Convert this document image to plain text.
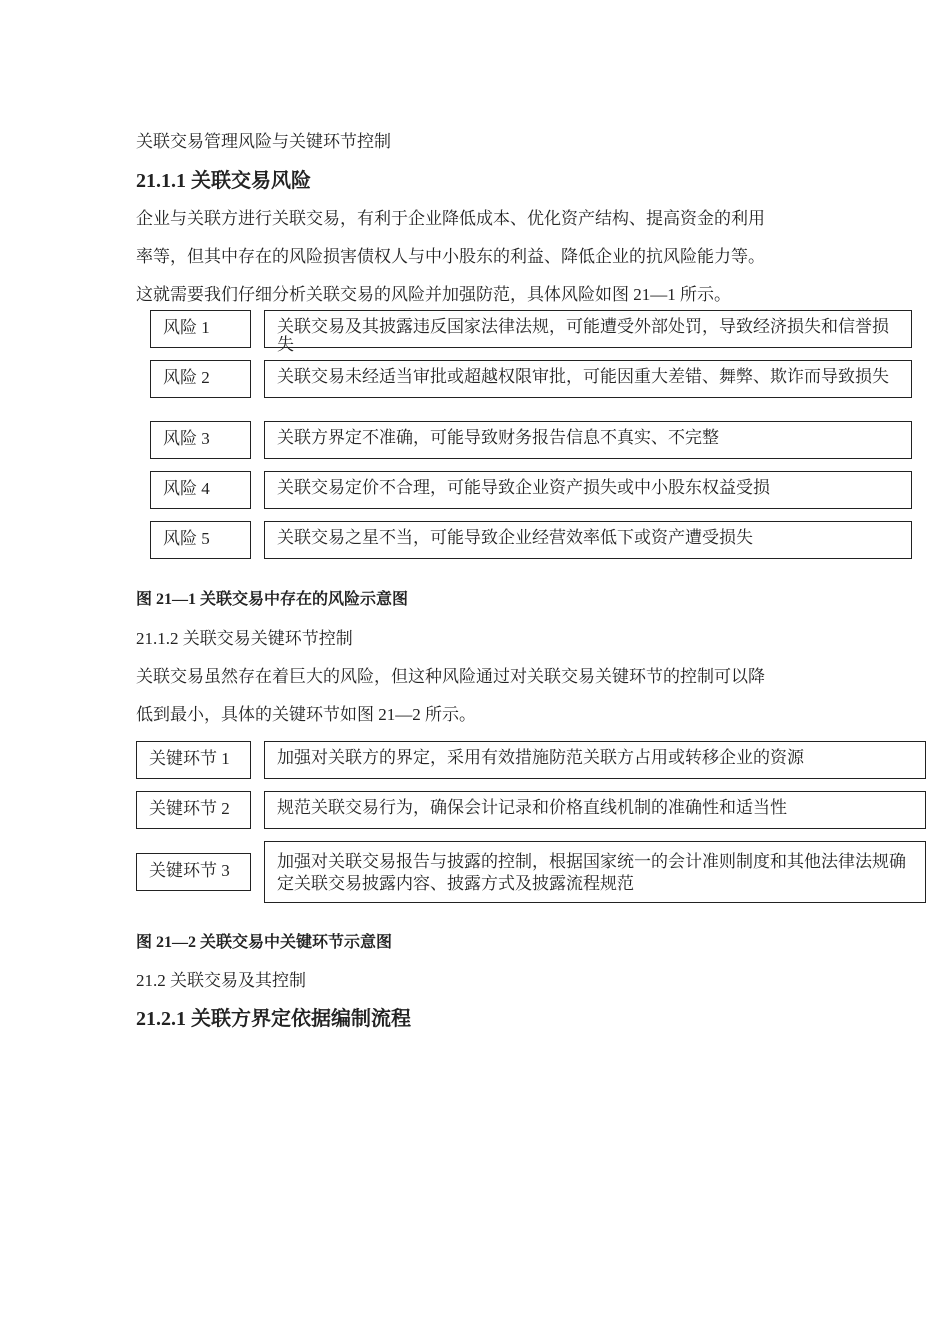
关联交易管理风险与关键环节控制
21.1.1 关联交易风险
企业与关联方进行关联交易，有利于企业降低成本、优化资产结构、提高资金的利用
率等，但其中存在的风险损害债权人与中小股东的利益、降低企业的抗风险能力等。
这就需要我们仔细分析关联交易的风险并加强防范，具体风险如图 21—1 所示。
风险 1	关联交易及其披露违反国家法律法规，可能遭受外部处罚，导致经济损失和信誉损失
风险 2	关联交易未经适当审批或超越权限审批，可能因重大差错、舞弊、欺诈而导致损失
风险 3	关联方界定不准确，可能导致财务报告信息不真实、不完整
风险 4	关联交易定价不合理，可能导致企业资产损失或中小股东权益受损
风险 5	关联交易之星不当，可能导致企业经营效率低下或资产遭受损失
图 21—1 关联交易中存在的风险示意图
21.1.2 关联交易关键环节控制
关联交易虽然存在着巨大的风险，但这种风险通过对关联交易关键环节的控制可以降
低到最小，具体的关键环节如图 21—2 所示。
关键环节 1	加强对关联方的界定，采用有效措施防范关联方占用或转移企业的资源
关键环节 2	规范关联交易行为，确保会计记录和价格直线机制的准确性和适当性
关键环节 3	加强对关联交易报告与披露的控制，根据国家统一的会计准则制度和其他法律法规确定关联交易披露内容、披露方式及披露流程规范
图 21—2 关联交易中关键环节示意图
21.2 关联交易及其控制
21.2.1 关联方界定依据编制流程
